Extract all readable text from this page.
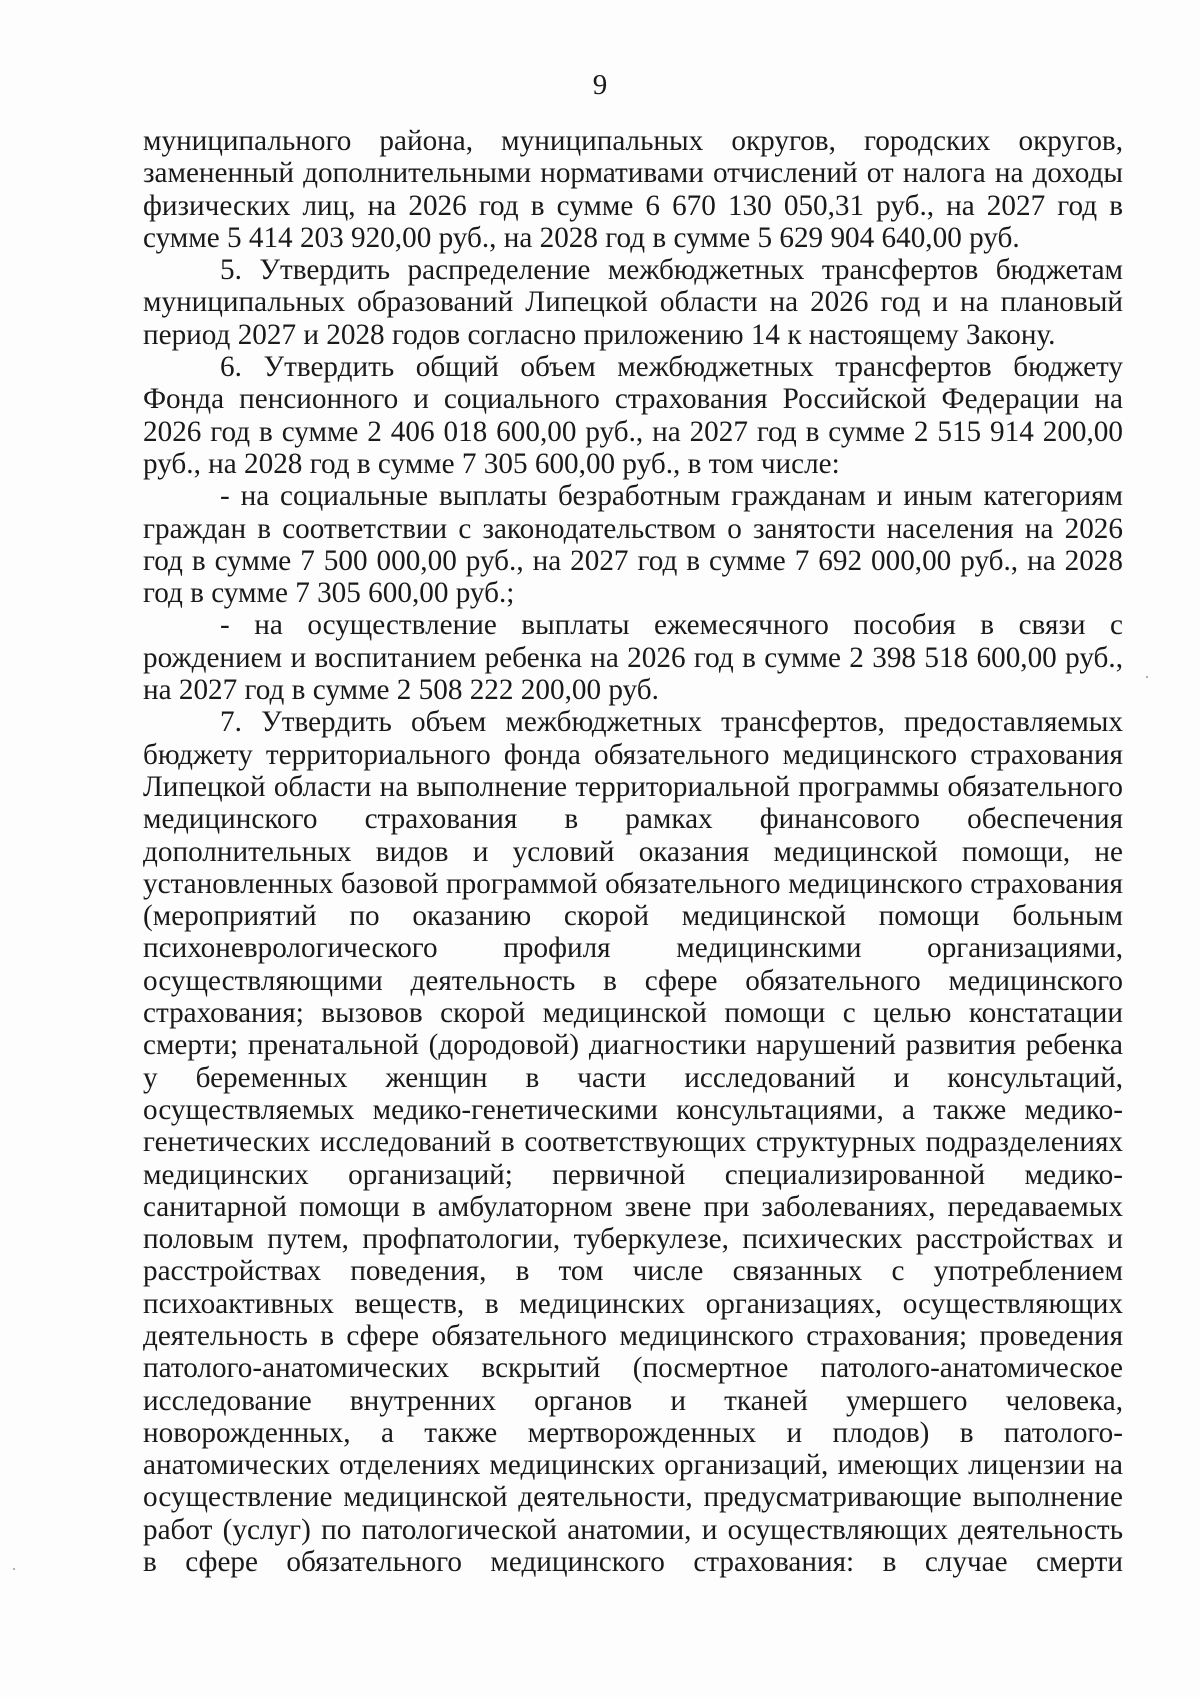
9

муниципального района, муниципальных округов, городских округов, замененный дополнительными нормативами отчислений от налога на доходы физических лиц, на 2026 год в сумме 6 670 130 050,31 руб., на 2027 год в сумме 5 414 203 920,00 руб., на 2028 год в сумме 5 629 904 640,00 руб.

5. Утвердить распределение межбюджетных трансфертов бюджетам муниципальных образований Липецкой области на 2026 год и на плановый период 2027 и 2028 годов согласно приложению 14 к настоящему Закону.

6. Утвердить общий объем межбюджетных трансфертов бюджету Фонда пенсионного и социального страхования Российской Федерации на 2026 год в сумме 2 406 018 600,00 руб., на 2027 год в сумме 2 515 914 200,00 руб., на 2028 год в сумме 7 305 600,00 руб., в том числе:

- на социальные выплаты безработным гражданам и иным категориям граждан в соответствии с законодательством о занятости населения на 2026 год в сумме 7 500 000,00 руб., на 2027 год в сумме 7 692 000,00 руб., на 2028 год в сумме 7 305 600,00 руб.;

- на осуществление выплаты ежемесячного пособия в связи с рождением и воспитанием ребенка на 2026 год в сумме 2 398 518 600,00 руб., на 2027 год в сумме 2 508 222 200,00 руб.

7. Утвердить объем межбюджетных трансфертов, предоставляемых бюджету территориального фонда обязательного медицинского страхования Липецкой области на выполнение территориальной программы обязательного медицинского страхования в рамках финансового обеспечения дополнительных видов и условий оказания медицинской помощи, не установленных базовой программой обязательного медицинского страхования (мероприятий по оказанию скорой медицинской помощи больным психоневрологического профиля медицинскими организациями, осуществляющими деятельность в сфере обязательного медицинского страхования; вызовов скорой медицинской помощи с целью констатации смерти; пренатальной (дородовой) диагностики нарушений развития ребенка у беременных женщин в части исследований и консультаций, осуществляемых медико-генетическими консультациями, а также медико-генетических исследований в соответствующих структурных подразделениях медицинских организаций; первичной специализированной медико-санитарной помощи в амбулаторном звене при заболеваниях, передаваемых половым путем, профпатологии, туберкулезе, психических расстройствах и расстройствах поведения, в том числе связанных с употреблением психоактивных веществ, в медицинских организациях, осуществляющих деятельность в сфере обязательного медицинского страхования; проведения патолого-анатомических вскрытий (посмертное патолого-анатомическое исследование внутренних органов и тканей умершего человека, новорожденных, а также мертворожденных и плодов) в патолого-анатомических отделениях медицинских организаций, имеющих лицензии на осуществление медицинской деятельности, предусматривающие выполнение работ (услуг) по патологической анатомии, и осуществляющих деятельность в сфере обязательного медицинского страхования: в случае смерти
